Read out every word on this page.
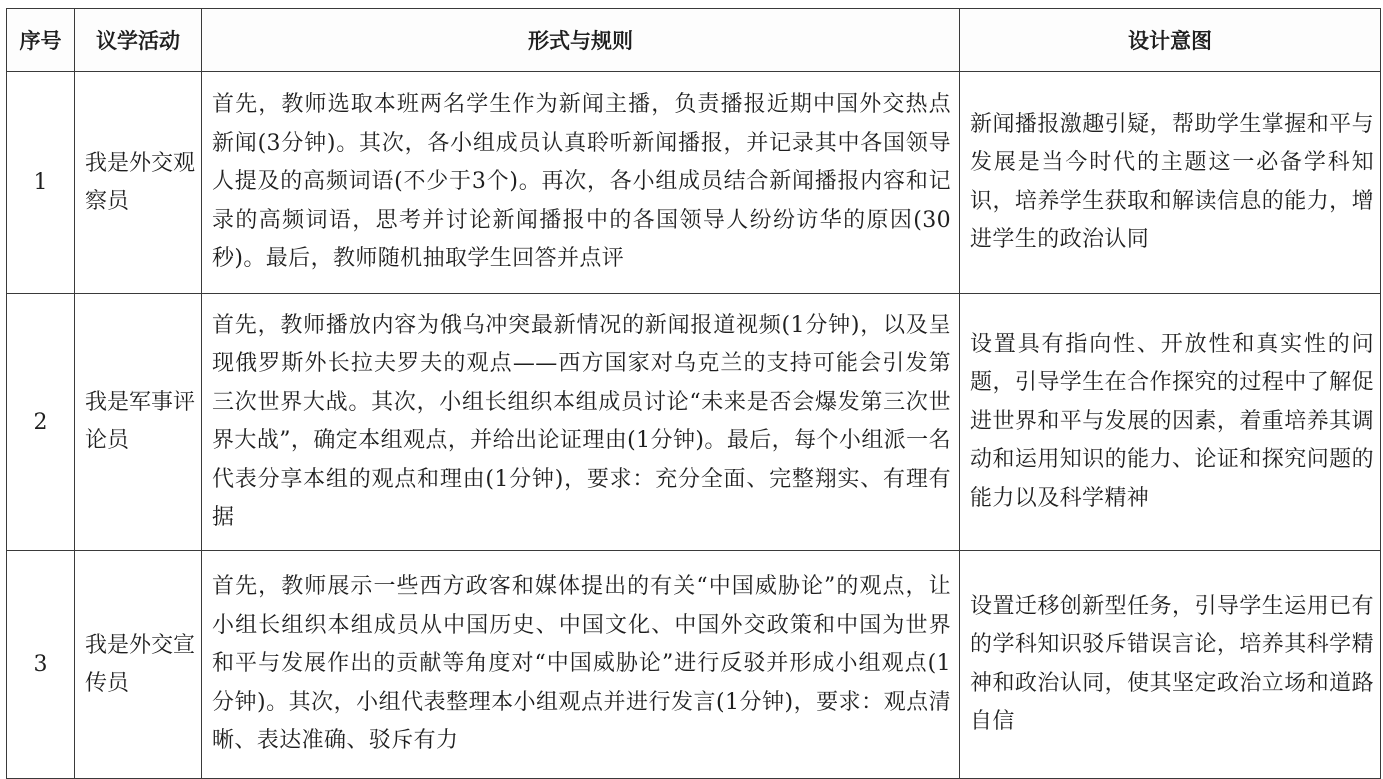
序号	议学活动	形式与规则	设计意图
1	我是外交观察员	首先，教师选取本班两名学生作为新闻主播，负责播报近期中国外交热点新闻(3分钟)。其次，各小组成员认真聆听新闻播报，并记录其中各国领导人提及的高频词语(不少于3个)。再次，各小组成员结合新闻播报内容和记录的高频词语，思考并讨论新闻播报中的各国领导人纷纷访华的原因(30秒)。最后，教师随机抽取学生回答并点评	新闻播报激趣引疑，帮助学生掌握和平与发展是当今时代的主题这一必备学科知识，培养学生获取和解读信息的能力，增进学生的政治认同
2	我是军事评论员	首先，教师播放内容为俄乌冲突最新情况的新闻报道视频(1分钟)，以及呈现俄罗斯外长拉夫罗夫的观点——西方国家对乌克兰的支持可能会引发第三次世界大战。其次，小组长组织本组成员讨论“未来是否会爆发第三次世界大战”，确定本组观点，并给出论证理由(1分钟)。最后，每个小组派一名代表分享本组的观点和理由(1分钟)，要求：充分全面、完整翔实、有理有据	设置具有指向性、开放性和真实性的问题，引导学生在合作探究的过程中了解促进世界和平与发展的因素，着重培养其调动和运用知识的能力、论证和探究问题的能力以及科学精神
3	我是外交宣传员	首先，教师展示一些西方政客和媒体提出的有关“中国威胁论”的观点，让小组长组织本组成员从中国历史、中国文化、中国外交政策和中国为世界和平与发展作出的贡献等角度对“中国威胁论”进行反驳并形成小组观点(1分钟)。其次，小组代表整理本小组观点并进行发言(1分钟)，要求：观点清晰、表达准确、驳斥有力	设置迁移创新型任务，引导学生运用已有的学科知识驳斥错误言论，培养其科学精神和政治认同，使其坚定政治立场和道路自信
